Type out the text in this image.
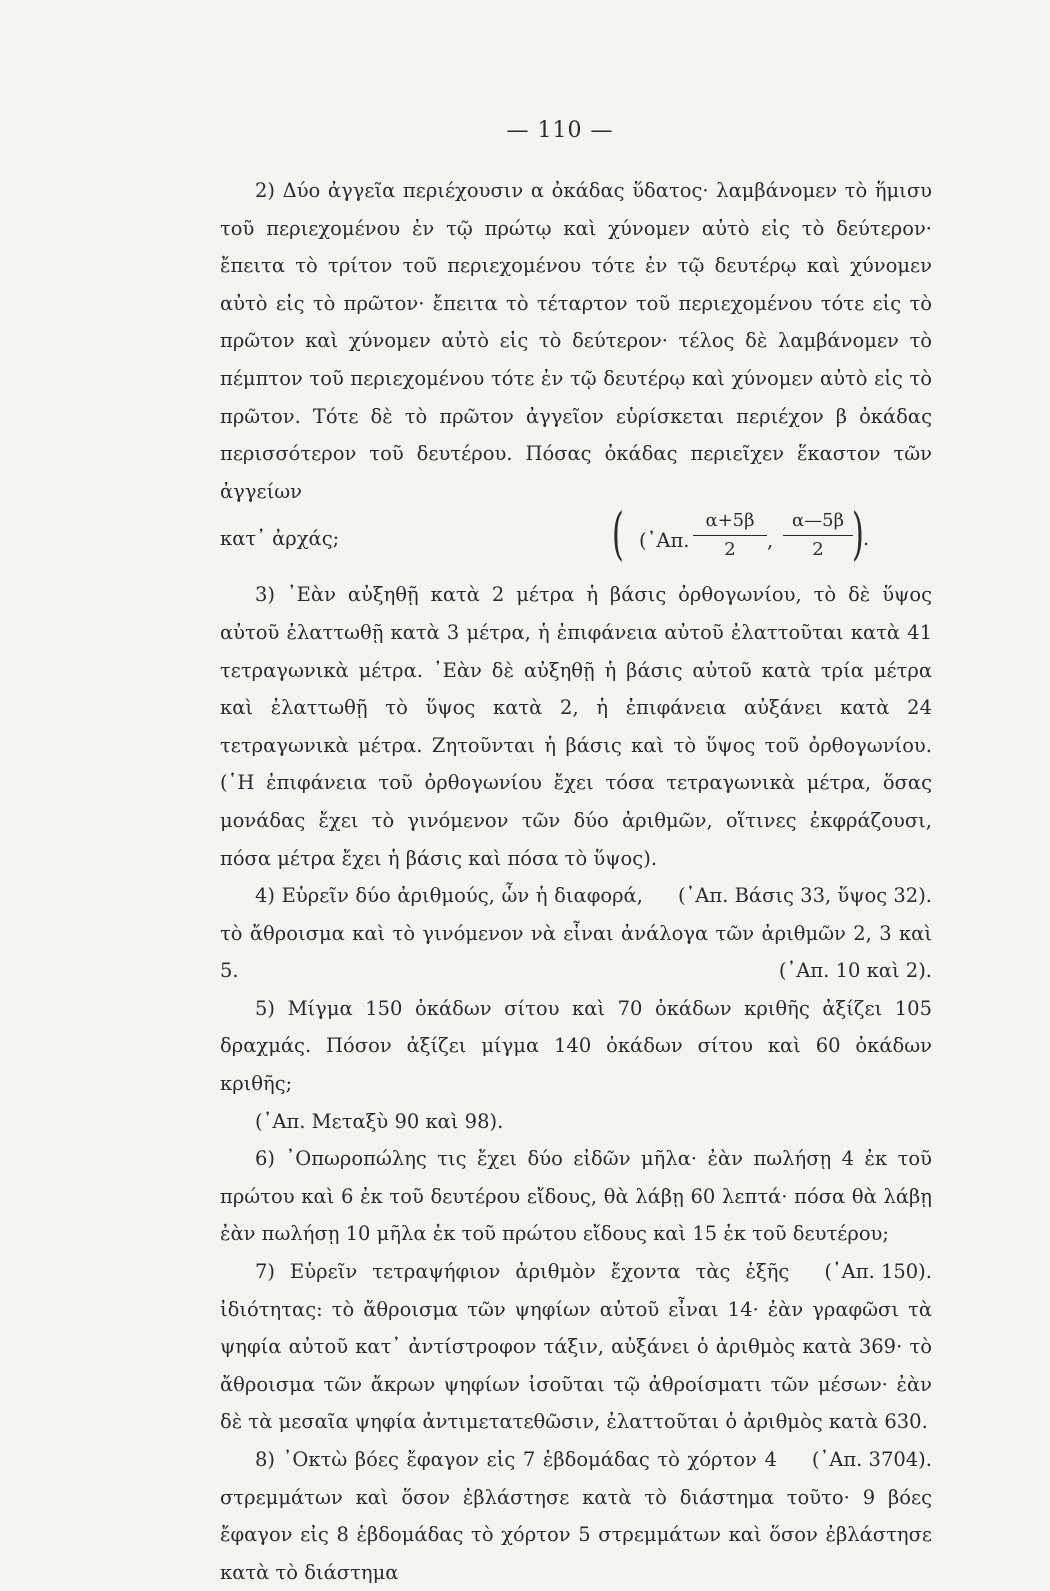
— 110 —

2) Δύο ἀγγεῖα περιέχουσιν α ὀκάδας ὕδατος· λαμβάνομεν τὸ ἥμισυ τοῦ περιεχομένου ἐν τῷ πρώτῳ καὶ χύνομεν αὐτὸ εἰς τὸ δεύτερον· ἔπειτα τὸ τρίτον τοῦ περιεχομένου τότε ἐν τῷ δευτέρῳ καὶ χύνομεν αὐτὸ εἰς τὸ πρῶτον· ἔπειτα τὸ τέταρτον τοῦ περιεχομένου τότε εἰς τὸ πρῶτον καὶ χύνομεν αὐτὸ εἰς τὸ δεύτερον· τέλος δὲ λαμβάνομεν τὸ πέμπτον τοῦ περιεχομένου τότε ἐν τῷ δευτέρῳ καὶ χύνομεν αὐτὸ εἰς τὸ πρῶτον. Τότε δὲ τὸ πρῶτον ἀγγεῖον εὑρίσκεται περιέχον β ὀκάδας περισσότερον τοῦ δευτέρου. Πόσας ὀκάδας περιεῖχεν ἕκαστον τῶν ἀγγείων

κατ᾽ ἀρχάς;	( (᾽Απ.
α+5β
2	,
α—5β
2 ) .

3) ᾽Εὰν αὐξηθῇ κατὰ 2 μέτρα ἡ βάσις ὀρθογωνίου, τὸ δὲ ὕψος αὐτοῦ ἐλαττωθῇ κατὰ 3 μέτρα, ἡ ἐπιφάνεια αὐτοῦ ἐλαττοῦται κατὰ 41 τετραγωνικὰ μέτρα. ᾽Εὰν δὲ αὐξηθῇ ἡ βάσις αὐτοῦ κατὰ τρία μέτρα καὶ ἐλαττωθῇ τὸ ὕψος κατὰ 2, ἡ ἐπιφάνεια αὐξάνει κατὰ 24 τετραγωνικὰ μέτρα. Ζητοῦνται ἡ βάσις καὶ τὸ ὕψος τοῦ ὀρθογωνίου. (῾Η ἐπιφάνεια τοῦ ὀρθογωνίου ἔχει τόσα τετραγωνικὰ μέτρα, ὅσας μονάδας ἔχει τὸ γινόμενον τῶν δύο ἀριθμῶν, οἵτινες ἐκφράζουσι, πόσα μέτρα ἔχει ἡ βάσις καὶ πόσα τὸ ὕψος).
(᾽Απ. Βάσις 33, ὕψος 32).

4) Εὑρεῖν δύο ἀριθμούς, ὧν ἡ διαφορά, τὸ ἄθροισμα καὶ τὸ γινόμενον νὰ εἶναι ἀνάλογα τῶν ἀριθμῶν 2, 3 καὶ 5.	(᾽Απ. 10 καὶ 2).

5) Μίγμα 150 ὀκάδων σίτου καὶ 70 ὀκάδων κριθῆς ἀξίζει 105 δραχμάς. Πόσον ἀξίζει μίγμα 140 ὀκάδων σίτου καὶ 60 ὀκάδων κριθῆς;

(᾽Απ. Μεταξὺ 90 καὶ 98).

6) ᾽Οπωροπώλης τις ἔχει δύο εἰδῶν μῆλα· ἐὰν πωλήσῃ 4 ἐκ τοῦ πρώτου καὶ 6 ἐκ τοῦ δευτέρου εἴδους, θὰ λάβῃ 60 λεπτά· πόσα θὰ λάβῃ ἐὰν πωλήσῃ 10 μῆλα ἐκ τοῦ πρώτου εἴδους καὶ 15 ἐκ τοῦ δευτέρου;
(᾽Απ. 150).

7) Εὑρεῖν τετραψήφιον ἀριθμὸν ἔχοντα τὰς ἑξῆς ἰδιότητας: τὸ ἄθροισμα τῶν ψηφίων αὐτοῦ εἶναι 14· ἐὰν γραφῶσι τὰ ψηφία αὐτοῦ κατ᾽ ἀντίστροφον τάξιν, αὐξάνει ὁ ἀριθμὸς κατὰ 369· τὸ ἄθροισμα τῶν ἄκρων ψηφίων ἰσοῦται τῷ ἀθροίσματι τῶν μέσων· ἐὰν δὲ τὰ μεσαῖα ψηφία ἀντιμετατεθῶσιν, ἐλαττοῦται ὁ ἀριθμὸς κατὰ 630.
(᾽Απ. 3704).

8) ᾽Οκτὼ βόες ἔφαγον εἰς 7 ἑβδομάδας τὸ χόρτον 4 στρεμμάτων καὶ ὅσον ἐβλάστησε κατὰ τὸ διάστημα τοῦτο· 9 βόες ἔφαγον εἰς 8 ἑβδομάδας τὸ χόρτον 5 στρεμμάτων καὶ ὅσον ἐβλάστησε κατὰ τὸ διάστημα
